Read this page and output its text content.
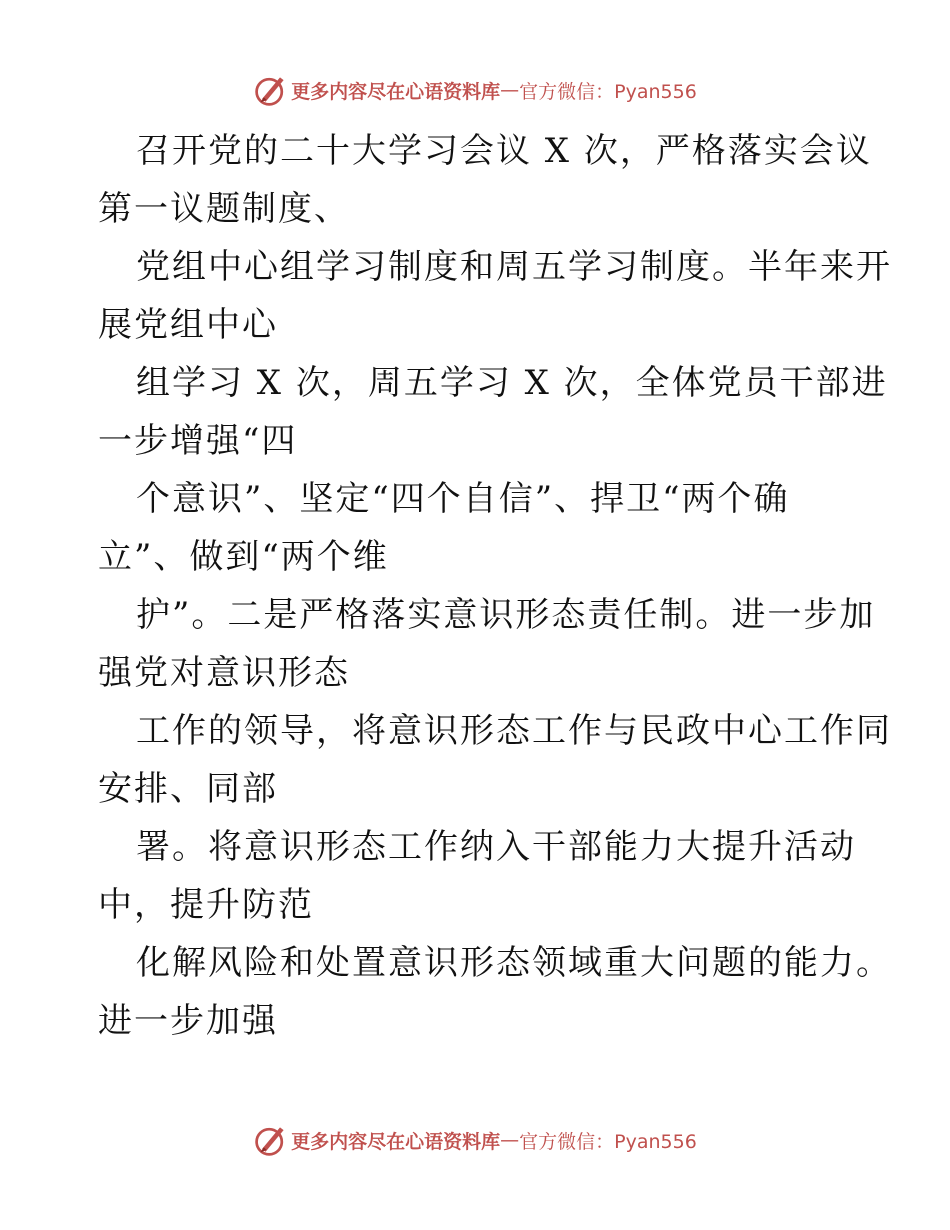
更多内容尽在心语资料库 — 官方微信：Pyan556
召开党的二十大学习会议 X 次，严格落实会议
第一议题制度、
党组中心组学习制度和周五学习制度。半年来开
展党组中心
组学习 X 次，周五学习 X 次，全体党员干部进
一步增强“四
个意识”、坚定“四个自信”、捍卫“两个确
立”、做到“两个维
护”。二是严格落实意识形态责任制。进一步加
强党对意识形态
工作的领导，将意识形态工作与民政中心工作同
安排、同部
署。将意识形态工作纳入干部能力大提升活动
中，提升防范
化解风险和处置意识形态领域重大问题的能力。
进一步加强
更多内容尽在心语资料库 — 官方微信：Pyan556
